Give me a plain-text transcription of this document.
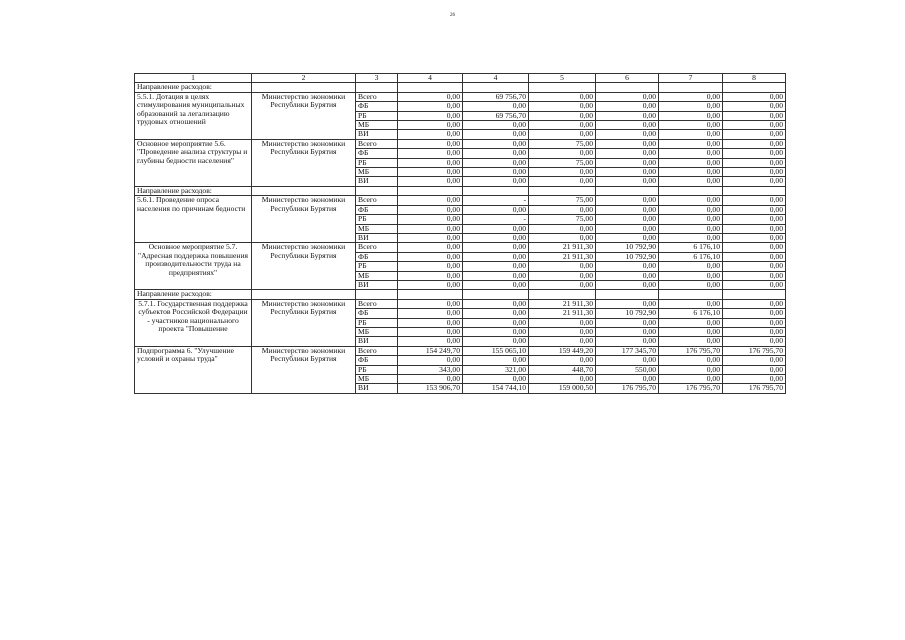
26
1	2	3	4	4	5	6	7	8
Направление расходов:								
5.5.1. Дотация в целях стимулирования муниципальных образований за легализацию трудовых отношений	Министерство экономики Республики Бурятия	Всего	0,00	69 756,70	0,00	0,00	0,00	0,00
		ФБ	0,00	0,00	0,00	0,00	0,00	0,00
		РБ	0,00	69 756,70	0,00	0,00	0,00	0,00
		МБ	0,00	0,00	0,00	0,00	0,00	0,00
		ВИ	0,00	0,00	0,00	0,00	0,00	0,00
Основное мероприятие 5.6. "Проведение анализа структуры и глубины бедности населения"	Министерство экономики Республики Бурятия	Всего	0,00	0,00	75,00	0,00	0,00	0,00
		ФБ	0,00	0,00	0,00	0,00	0,00	0,00
		РБ	0,00	0,00	75,00	0,00	0,00	0,00
		МБ	0,00	0,00	0,00	0,00	0,00	0,00
		ВИ	0,00	0,00	0,00	0,00	0,00	0,00
Направление расходов:								
5.6.1. Проведение опроса населения по причинам бедности	Министерство экономики Республики Бурятия	Всего	0,00	-	75,00	0,00	0,00	0,00
		ФБ	0,00	0,00	0,00	0,00	0,00	0,00
		РБ	0,00	-	75,00	0,00	0,00	0,00
		МБ	0,00	0,00	0,00	0,00	0,00	0,00
		ВИ	0,00	0,00	0,00	0,00	0,00	0,00
Основное мероприятие 5.7. "Адресная поддержка повышения производительности труда на предприятиях"	Министерство экономики Республики Бурятия	Всего	0,00	0,00	21 911,30	10 792,90	6 176,10	0,00
		ФБ	0,00	0,00	21 911,30	10 792,90	6 176,10	0,00
		РБ	0,00	0,00	0,00	0,00	0,00	0,00
		МБ	0,00	0,00	0,00	0,00	0,00	0,00
		ВИ	0,00	0,00	0,00	0,00	0,00	0,00
Направление расходов:								
5.7.1. Государственная поддержка субъектов Российской Федерации - участников национального проекта "Повышение	Министерство экономики Республики Бурятия	Всего	0,00	0,00	21 911,30	0,00	0,00	0,00
		ФБ	0,00	0,00	21 911,30	10 792,90	6 176,10	0,00
		РБ	0,00	0,00	0,00	0,00	0,00	0,00
		МБ	0,00	0,00	0,00	0,00	0,00	0,00
		ВИ	0,00	0,00	0,00	0,00	0,00	0,00
Подпрограмма 6. "Улучшение условий и охраны труда"	Министерство экономики Республики Бурятия	Всего	154 249,70	155 065,10	159 449,20	177 345,70	176 795,70	176 795,70
		ФБ	0,00	0,00	0,00	0,00	0,00	0,00
		РБ	343,00	321,00	448,70	550,00	0,00	0,00
		МБ	0,00	0,00	0,00	0,00	0,00	0,00
		ВИ	153 906,70	154 744,10	159 000,50	176 795,70	176 795,70	176 795,70
